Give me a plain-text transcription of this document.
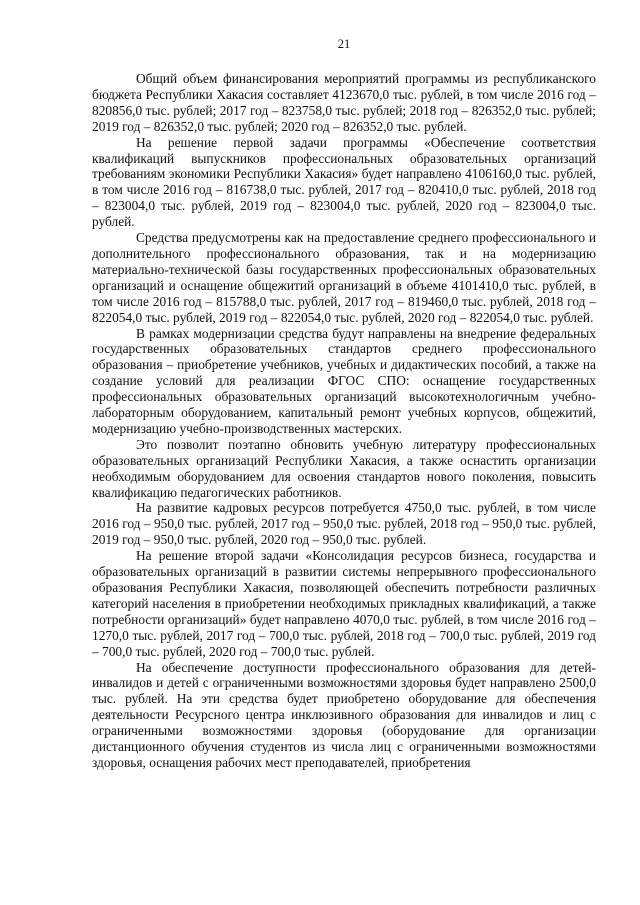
21

Общий объем финансирования мероприятий программы из республиканского бюджета Республики Хакасия составляет 4123670,0 тыс. рублей, в том числе 2016 год – 820856,0 тыс. рублей; 2017 год – 823758,0 тыс. рублей; 2018 год – 826352,0 тыс. рублей; 2019 год – 826352,0 тыс. рублей; 2020 год – 826352,0 тыс. рублей.

На решение первой задачи программы «Обеспечение соответствия квалификаций выпускников профессиональных образовательных организаций требованиям экономики Республики Хакасия» будет направлено 4106160,0 тыс. рублей, в том числе 2016 год – 816738,0 тыс. рублей, 2017 год – 820410,0 тыс. рублей, 2018 год – 823004,0 тыс. рублей, 2019 год – 823004,0 тыс. рублей, 2020 год – 823004,0 тыс. рублей.

Средства предусмотрены как на предоставление среднего профессионального и дополнительного профессионального образования, так и на модернизацию материально-технической базы государственных профессиональных образовательных организаций и оснащение общежитий организаций в объеме 4101410,0 тыс. рублей, в том числе 2016 год – 815788,0 тыс. рублей, 2017 год – 819460,0 тыс. рублей, 2018 год – 822054,0 тыс. рублей, 2019 год – 822054,0 тыс. рублей, 2020 год – 822054,0 тыс. рублей.

В рамках модернизации средства будут направлены на внедрение федеральных государственных образовательных стандартов среднего профессионального образования – приобретение учебников, учебных и дидактических пособий, а также на создание условий для реализации ФГОС СПО: оснащение государственных профессиональных образовательных организаций высокотехнологичным учебно-лабораторным оборудованием, капитальный ремонт учебных корпусов, общежитий, модернизацию учебно-производственных мастерских.

Это позволит поэтапно обновить учебную литературу профессиональных образовательных организаций Республики Хакасия, а также оснастить организации необходимым оборудованием для освоения стандартов нового поколения, повысить квалификацию педагогических работников.

На развитие кадровых ресурсов потребуется 4750,0 тыс. рублей, в том числе 2016 год – 950,0 тыс. рублей, 2017 год – 950,0 тыс. рублей, 2018 год – 950,0 тыс. рублей, 2019 год – 950,0 тыс. рублей, 2020 год – 950,0 тыс. рублей.

На решение второй задачи «Консолидация ресурсов бизнеса, государства и образовательных организаций в развитии системы непрерывного профессионального образования Республики Хакасия, позволяющей обеспечить потребности различных категорий населения в приобретении необходимых прикладных квалификаций, а также потребности организаций» будет направлено 4070,0 тыс. рублей, в том числе 2016 год – 1270,0 тыс. рублей, 2017 год – 700,0 тыс. рублей, 2018 год – 700,0 тыс. рублей, 2019 год – 700,0 тыс. рублей, 2020 год – 700,0 тыс. рублей.

На обеспечение доступности профессионального образования для детей-инвалидов и детей с ограниченными возможностями здоровья будет направлено 2500,0 тыс. рублей. На эти средства будет приобретено оборудование для обеспечения деятельности Ресурсного центра инклюзивного образования для инвалидов и лиц с ограниченными возможностями здоровья (оборудование для организации дистанционного обучения студентов из числа лиц с ограниченными возможностями здоровья, оснащения рабочих мест преподавателей, приобретения
